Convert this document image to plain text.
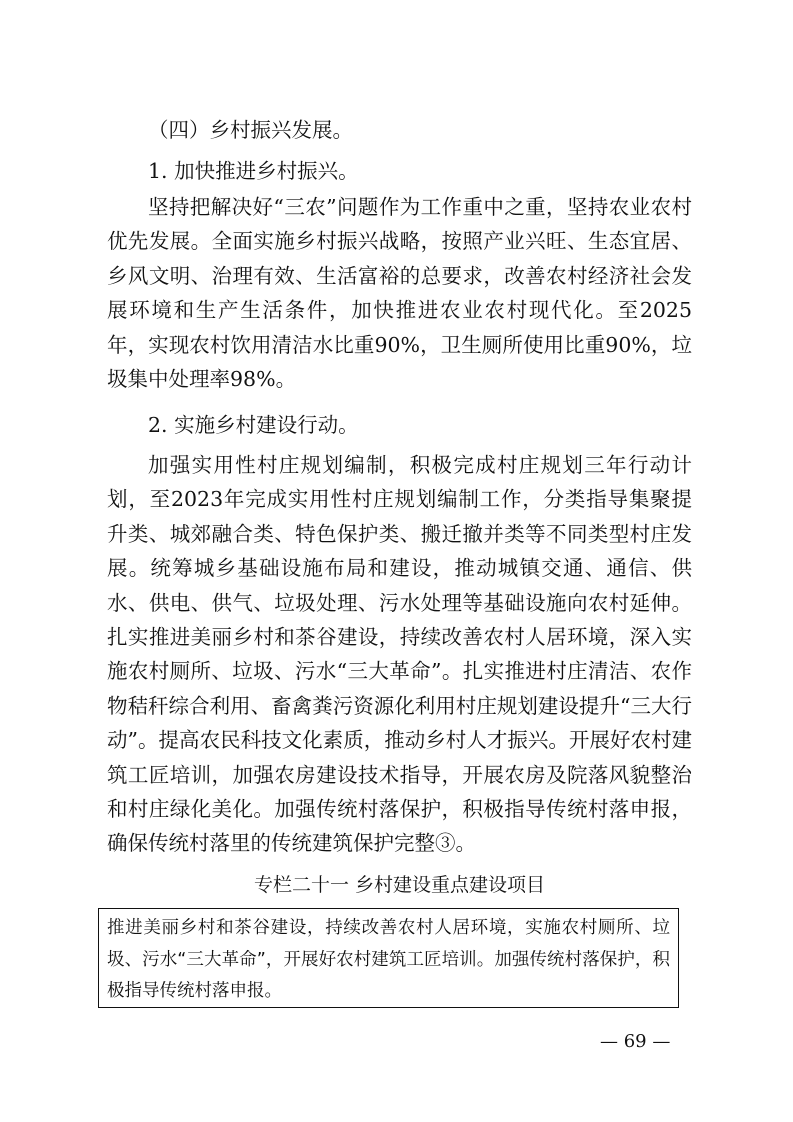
（四）乡村振兴发展。

1. 加快推进乡村振兴。

坚持把解决好“三农”问题作为工作重中之重，坚持农业农村优先发展。全面实施乡村振兴战略，按照产业兴旺、生态宜居、乡风文明、治理有效、生活富裕的总要求，改善农村经济社会发展环境和生产生活条件，加快推进农业农村现代化。至2025年，实现农村饮用清洁水比重90%，卫生厕所使用比重90%，垃圾集中处理率98%。

2. 实施乡村建设行动。

加强实用性村庄规划编制，积极完成村庄规划三年行动计划，至2023年完成实用性村庄规划编制工作，分类指导集聚提升类、城郊融合类、特色保护类、搬迁撤并类等不同类型村庄发展。统筹城乡基础设施布局和建设，推动城镇交通、通信、供水、供电、供气、垃圾处理、污水处理等基础设施向农村延伸。扎实推进美丽乡村和茶谷建设，持续改善农村人居环境，深入实施农村厕所、垃圾、污水“三大革命”。扎实推进村庄清洁、农作物秸秆综合利用、畜禽粪污资源化利用村庄规划建设提升“三大行动”。提高农民科技文化素质，推动乡村人才振兴。开展好农村建筑工匠培训，加强农房建设技术指导，开展农房及院落风貌整治和村庄绿化美化。加强传统村落保护，积极指导传统村落申报，确保传统村落里的传统建筑保护完整③。

专栏二十一 乡村建设重点建设项目

推进美丽乡村和茶谷建设，持续改善农村人居环境，实施农村厕所、垃圾、污水“三大革命”，开展好农村建筑工匠培训。加强传统村落保护，积极指导传统村落申报。

— 69 —
